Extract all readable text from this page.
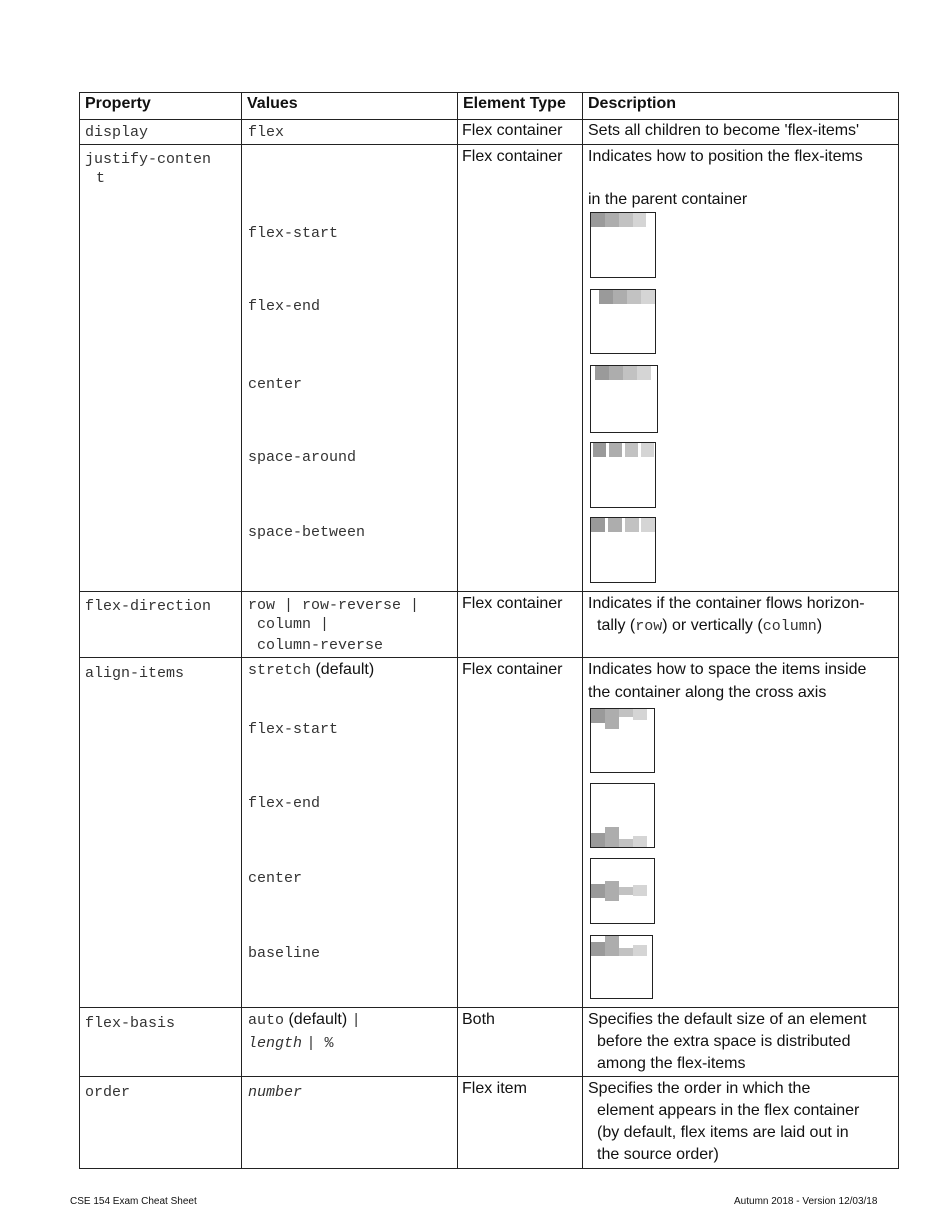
Property	Values	Element Type	Description

display	flex	Flex container	Sets all children to become 'flex-items'

justify-conten
t	flex-start
flex-end
center
space-around
space-between	Flex container	Indicates how to position the flex-items
in the parent container

flex-direction	row | row-reverse |
column |
column-reverse	Flex container	Indicates if the container flows horizon-
tally (row) or vertically (column)

align-items	stretch (default)
flex-start
flex-end
center
baseline	Flex container	Indicates how to space the items inside
the container along the cross axis

flex-basis	auto (default) |
length | %	Both	Specifies the default size of an element
before the extra space is distributed
among the flex-items

order	number	Flex item	Specifies the order in which the
element appears in the flex container
(by default, flex items are laid out in
the source order)
CSE 154 Exam Cheat Sheet	Autumn 2018 - Version 12/03/18
